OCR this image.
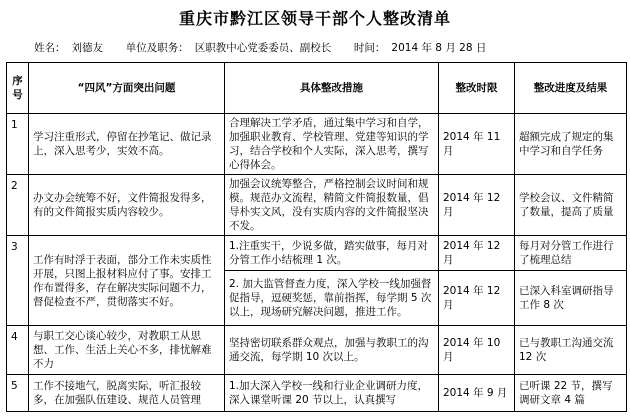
重庆市黔江区领导干部个人整改清单
姓名： 刘德友 单位及职务： 区职教中心党委委员、副校长 时间： 2014 年 8 月 28 日
序号	“四风”方面突出问题	具体整改措施	整改时限	整改进度及结果
1	学习注重形式，停留在抄笔记、做记录上，深入思考少，实效不高。	合理解决工学矛盾，通过集中学习和自学，加强职业教育、学校管理、党建等知识的学习，结合学校和个人实际，深入思考，撰写心得体会。	2014 年 11 月	超额完成了规定的集中学习和自学任务
2	办文办会统筹不好，文件简报发得多，有的文件简报实质内容较少。	加强会议统筹整合，严格控制会议时间和规模。规范办文流程，精简文件简报数量，倡导朴实文风，没有实质内容的文件简报坚决不发。	2014 年 12 月	学校会议、文件精简了数量，提高了质量
3	工作有时浮于表面，部分工作未实质性开展，只图上报材料应付了事。安排工作布置得多，存在解决实际问题不力，督促检查不严，贯彻落实不好。	1.注重实干，少说多做，踏实做事，每月对分管工作小结梳理 1 次。	2014 年 12 月	每月对分管工作进行了梳理总结
		2. 加大监管督查力度，深入学校一线加强督促指导，逗硬奖惩，靠前指挥，每学期 5 次以上，现场研究解决问题，推进工作。	2014 年 12 月	已深入科室调研指导工作 8 次
4	与职工交心谈心较少，对教职工从思想、工作、生活上关心不多，排忧解难不力	坚持密切联系群众观点，加强与教职工的沟通交流，每学期 10 次以上。	2014 年 10 月	已与教职工沟通交流 12 次
5	工作不接地气，脱离实际，听汇报较多，在加强队伍建设、规范人员管理	1.加大深入学校一线和行业企业调研力度，深入课堂听课 20 节以上，认真撰写	2014 年 9 月	已听课 22 节，撰写调研文章 4 篇
